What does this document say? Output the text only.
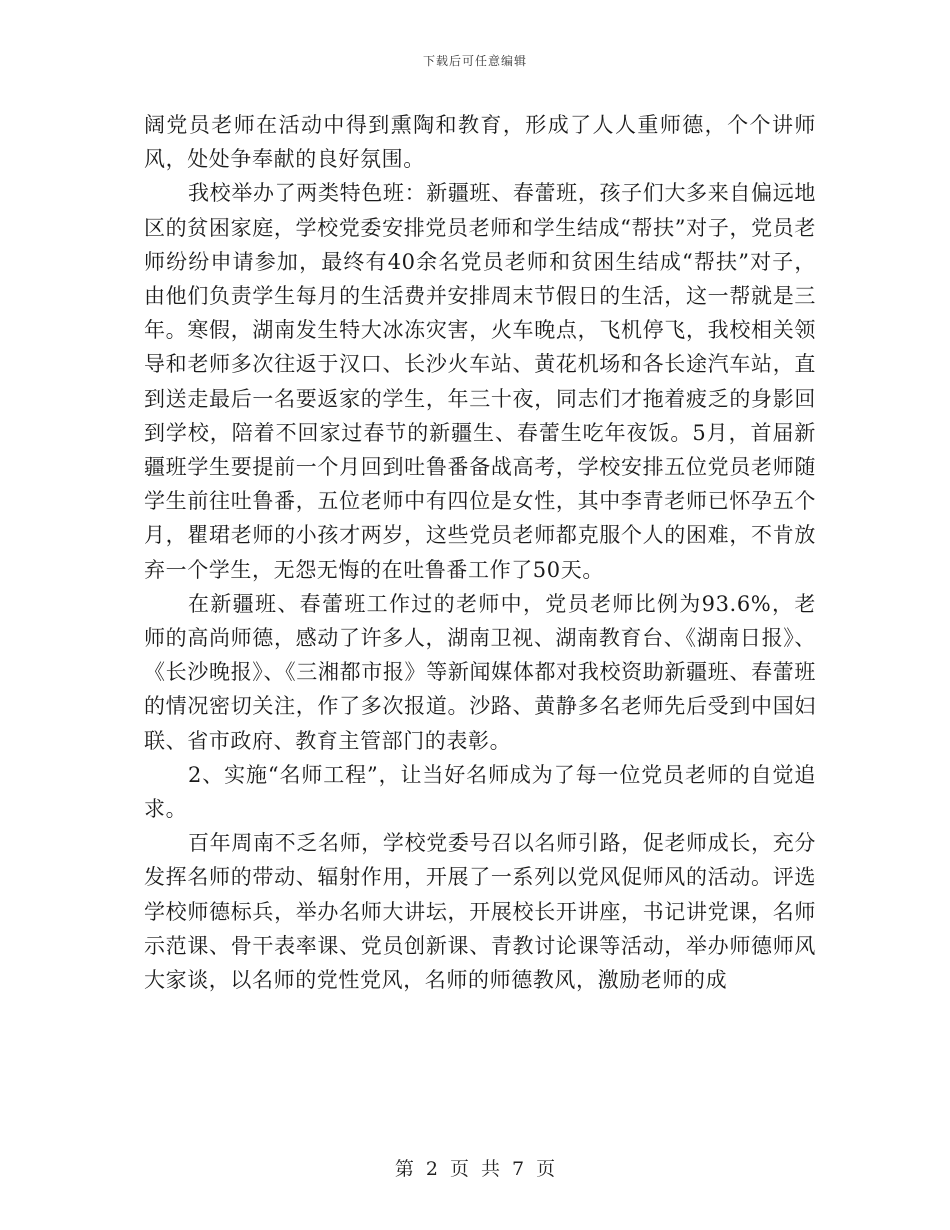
下载后可任意编辑

阔党员老师在活动中得到熏陶和教育，形成了人人重师德，个个讲师风，处处争奉献的良好氛围。

我校举办了两类特色班：新疆班、春蕾班，孩子们大多来自偏远地区的贫困家庭，学校党委安排党员老师和学生结成“帮扶”对子，党员老师纷纷申请参加，最终有40余名党员老师和贫困生结成“帮扶”对子，由他们负责学生每月的生活费并安排周末节假日的生活，这一帮就是三年。寒假，湖南发生特大冰冻灾害，火车晚点，飞机停飞，我校相关领导和老师多次往返于汉口、长沙火车站、黄花机场和各长途汽车站，直到送走最后一名要返家的学生，年三十夜，同志们才拖着疲乏的身影回到学校，陪着不回家过春节的新疆生、春蕾生吃年夜饭。5月，首届新疆班学生要提前一个月回到吐鲁番备战高考，学校安排五位党员老师随学生前往吐鲁番，五位老师中有四位是女性，其中李青老师已怀孕五个月，瞿珺老师的小孩才两岁，这些党员老师都克服个人的困难，不肯放弃一个学生，无怨无悔的在吐鲁番工作了50天。

在新疆班、春蕾班工作过的老师中，党员老师比例为93.6%，老师的高尚师德，感动了许多人，湖南卫视、湖南教育台、《湖南日报》、《长沙晚报》、《三湘都市报》等新闻媒体都对我校资助新疆班、春蕾班的情况密切关注，作了多次报道。沙路、黄静多名老师先后受到中国妇联、省市政府、教育主管部门的表彰。

2、实施“名师工程”，让当好名师成为了每一位党员老师的自觉追求。

百年周南不乏名师，学校党委号召以名师引路，促老师成长，充分发挥名师的带动、辐射作用，开展了一系列以党风促师风的活动。评选学校师德标兵，举办名师大讲坛，开展校长开讲座，书记讲党课，名师示范课、骨干表率课、党员创新课、青教讨论课等活动，举办师德师风大家谈，以名师的党性党风，名师的师德教风，激励老师的成

第 2 页 共 7 页
